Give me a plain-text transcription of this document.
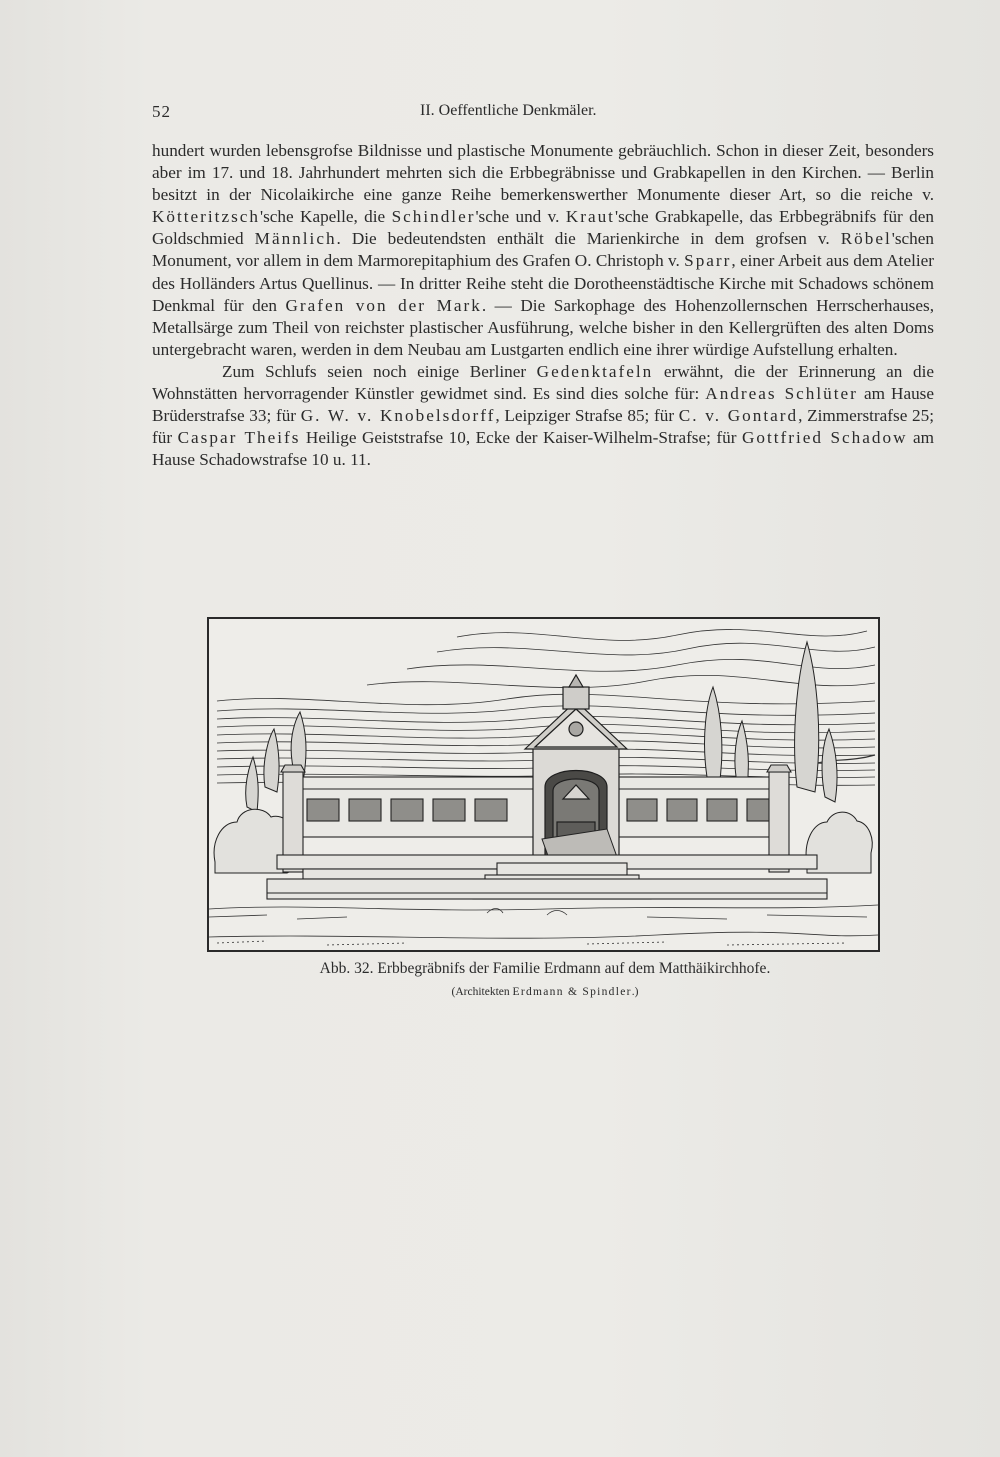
52	II. Oeffentliche Denkmäler.

hundert wurden lebensgrofse Bildnisse und plastische Monumente gebräuchlich. Schon in dieser Zeit, besonders aber im 17. und 18. Jahrhundert mehrten sich die Erbbegräbnisse und Grabkapellen in den Kirchen. — Berlin besitzt in der Nicolaikirche eine ganze Reihe bemerkenswerther Monumente dieser Art, so die reiche v. Kötteritzsch'sche Kapelle, die Schindler'sche und v. Kraut'sche Grabkapelle, das Erbbegräbnifs für den Goldschmied Männlich. Die bedeutendsten enthält die Marienkirche in dem grofsen v. Röbel'schen Monument, vor allem in dem Marmorepitaphium des Grafen O. Christoph v. Sparr, einer Arbeit aus dem Atelier des Holländers Artus Quellinus. — In dritter Reihe steht die Dorotheenstädtische Kirche mit Schadows schönem Denkmal für den Grafen von der Mark. — Die Sarkophage des Hohenzollernschen Herrscherhauses, Metallsärge zum Theil von reichster plastischer Ausführung, welche bisher in den Kellergrüften des alten Doms untergebracht waren, werden in dem Neubau am Lustgarten endlich eine ihrer würdige Aufstellung erhalten.

Zum Schlufs seien noch einige Berliner Gedenktafeln erwähnt, die der Erinnerung an die Wohnstätten hervorragender Künstler gewidmet sind. Es sind dies solche für: Andreas Schlüter am Hause Brüderstrafse 33; für G. W. v. Knobelsdorff, Leipziger Strafse 85; für C. v. Gontard, Zimmerstrafse 25; für Caspar Theifs Heilige Geiststrafse 10, Ecke der Kaiser-Wilhelm-Strafse; für Gottfried Schadow am Hause Schadowstrafse 10 u. 11.

Abb. 32. Erbbegräbnifs der Familie Erdmann auf dem Matthäikirchhofe.
(Architekten Erdmann & Spindler.)
